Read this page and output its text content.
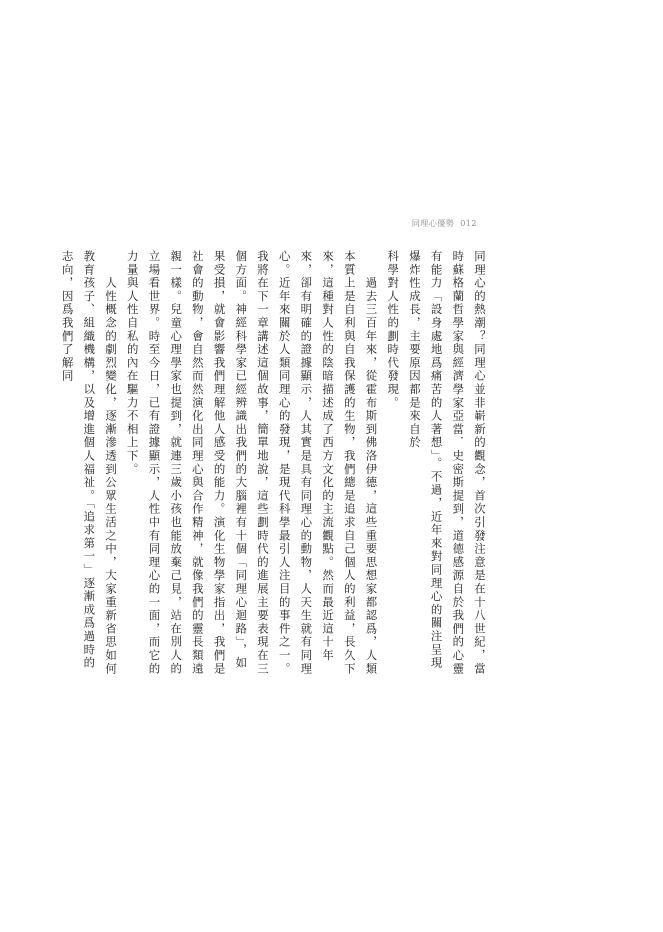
同理心優勢 012

同理心的熱潮？同理心並非嶄新的觀念，首次引發注意是在十八世紀，當時蘇格蘭哲學家與經濟學家亞當．史密斯提到，道德感源自於我們的心靈有能力「設身處地爲痛苦的人著想」。不過，近年來對同理心的關注呈現爆炸性成長，主要原因都是來自於

科學對人性的劃時代發現。

　　過去三百年來，從霍布斯到佛洛伊德，這些重要思想家都認爲，人類本質上是自利與自我保護的生物，我們總是追求自己個人的利益，長久下來，這種對人性的陰暗描述成了西方文化的主流觀點。然而最近這十年來，卻有明確的證據顯示，人其實是具有同理心的動物，人天生就有同理心。近年來關於人類同理心的發現，是現代科學最引人注目的事件之一。我將在下一章講述這個故事，簡單地說，這些劃時代的進展主要表現在三個方面。神經科學家已經辨識出我們的大腦裡有十個「同理心迴路」，如果受損，就會影響我們理解他人感受的能力。演化生物學家指出，我們是社會的動物，會自然而然演化出同理心與合作精神，就像我們的靈長類遠親一樣。兒童心理學家也提到，就連三歲小孩也能放棄己見，站在別人的立場看世界。時至今日，已有證據顯示，人性中有同理心的一面，而它的力量與人性自私的內在驅力不相上下。

　　人性概念的劇烈變化，逐漸滲透到公眾生活之中，大家重新省思如何教育孩子、組織機構，以及增進個人福祉。「追求第一」逐漸成爲過時的志向，因爲我們了解同
